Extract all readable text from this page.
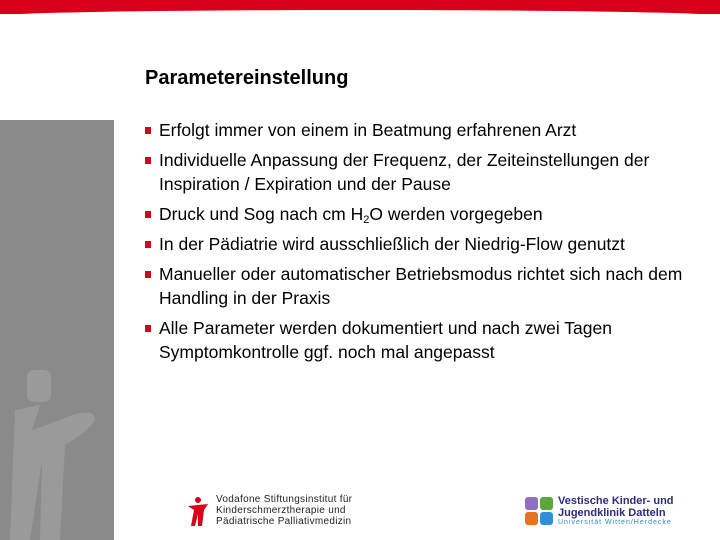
Parametereinstellung
Erfolgt immer von einem in Beatmung erfahrenen Arzt
Individuelle Anpassung der Frequenz, der Zeiteinstellungen der Inspiration / Expiration und der Pause
Druck und Sog nach cm $H_2O$ werden vorgegeben
In der Pädiatrie wird ausschließlich der Niedrig-Flow genutzt
Manueller oder automatischer Betriebsmodus richtet sich nach dem Handling in der Praxis
Alle Parameter werden dokumentiert und nach zwei Tagen Symptomkontrolle ggf. noch mal angepasst
Vodafone Stiftungsinstitut für
Kinderschmerztherapie und
Pädiatrische Palliativmedizin
Vestische Kinder- und
Jugendklinik Datteln
Universität Witten/Herdecke
